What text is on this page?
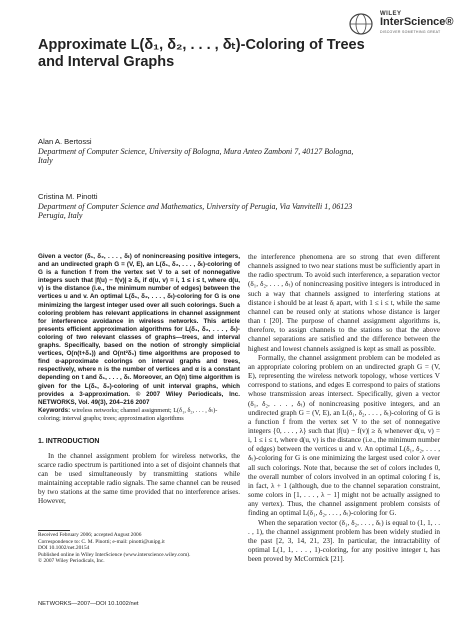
WILEY
InterScience®
DISCOVER SOMETHING GREAT
Approximate L(δ₁, δ₂, . . . , δₜ)-Coloring of Trees and Interval Graphs
Alan A. Bertossi
Department of Computer Science, University of Bologna, Mura Anteo Zamboni 7, 40127 Bologna, Italy
Cristina M. Pinotti
Department of Computer Science and Mathematics, University of Perugia, Via Vanvitelli 1, 06123 Perugia, Italy
Given a vector (δ₁, δ₂, . . . , δₜ) of nonincreasing positive integers, and an undirected graph G = (V, E), an L(δ₁, δ₂, . . . , δₜ)-coloring of G is a function f from the vertex set V to a set of nonnegative integers such that |f(u) − f(v)| ≥ δᵢ, if d(u, v) = i, 1 ≤ i ≤ t, where d(u, v) is the distance (i.e., the minimum number of edges) between the vertices u and v. An optimal L(δ₁, δ₂, . . . , δₜ)-coloring for G is one minimizing the largest integer used over all such colorings. Such a coloring problem has relevant applications in channel assignment for interference avoidance in wireless networks. This article presents efficient approximation algorithms for L(δ₁, δ₂, . . . , δₜ)-coloring of two relevant classes of graphs—trees, and interval graphs. Specifically, based on the notion of strongly simplicial vertices, O(n(t+δ₁)) and O(nt²δ₁) time algorithms are proposed to find α-approximate colorings on interval graphs and trees, respectively, where n is the number of vertices and α is a constant depending on t and δ₁, . . . , δₜ. Moreover, an O(n) time algorithm is given for the L(δ₁, δ₂)-coloring of unit interval graphs, which provides a 3-approximation. © 2007 Wiley Periodicals, Inc. NETWORKS, Vol. 49(3), 204–216 2007
Keywords: wireless networks; channel assignment; L(δ₁, δ₂, . . . , δₜ)-coloring; interval graphs; trees; approximation algorithms
1. INTRODUCTION
In the channel assignment problem for wireless networks, the scarce radio spectrum is partitioned into a set of disjoint channels that can be used simultaneously by transmitting stations while maintaining acceptable radio signals. The same channel can be reused by two stations at the same time provided that no interference arises. However,
Received February 2006; accepted August 2006
Correspondence to: C. M. Pinotti; e-mail: pinotti@unipg.it
DOI 10.1002/net.20154
Published online in Wiley InterScience (www.interscience.wiley.com).
© 2007 Wiley Periodicals, Inc.

the interference phenomena are so strong that even different channels assigned to two near stations must be sufficiently apart in the radio spectrum. To avoid such interference, a separation vector (δ₁, δ₂, . . . , δₜ) of nonincreasing positive integers is introduced in such a way that channels assigned to interfering stations at distance i should be at least δᵢ apart, with 1 ≤ i ≤ t, while the same channel can be reused only at stations whose distance is larger than t [20]. The purpose of channel assignment algorithms is, therefore, to assign channels to the stations so that the above channel separations are satisfied and the difference between the highest and lowest channels assigned is kept as small as possible.

Formally, the channel assignment problem can be modeled as an appropriate coloring problem on an undirected graph G = (V, E), representing the wireless network topology, whose vertices V correspond to stations, and edges E correspond to pairs of stations whose transmission areas intersect. Specifically, given a vector (δ₁, δ₂, . . . , δₜ) of nonincreasing positive integers, and an undirected graph G = (V, E), an L(δ₁, δ₂, . . . , δₜ)-coloring of G is a function f from the vertex set V to the set of nonnegative integers {0, . . . , λ} such that |f(u) − f(v)| ≥ δᵢ whenever d(u, v) = i, 1 ≤ i ≤ t, where d(u, v) is the distance (i.e., the minimum number of edges) between the vertices u and v. An optimal L(δ₁, δ₂, . . . , δₜ)-coloring for G is one minimizing the largest used color λ over all such colorings. Note that, because the set of colors includes 0, the overall number of colors involved in an optimal coloring f is, in fact, λ + 1 (although, due to the channel separation constraint, some colors in [1, . . . , λ − 1] might not be actually assigned to any vertex). Thus, the channel assignment problem consists of finding an optimal L(δ₁, δ₂, . . . , δₜ)-coloring for G.

When the separation vector (δ₁, δ₂, . . . , δₜ) is equal to (1, 1, . . . , 1), the channel assignment problem has been widely studied in the past [2, 3, 14, 21, 23]. In particular, the intractability of optimal L(1, 1, . . . , 1)-coloring, for any positive integer t, has been proved by McCormick [21].

NETWORKS—2007—DOI 10.1002/net
